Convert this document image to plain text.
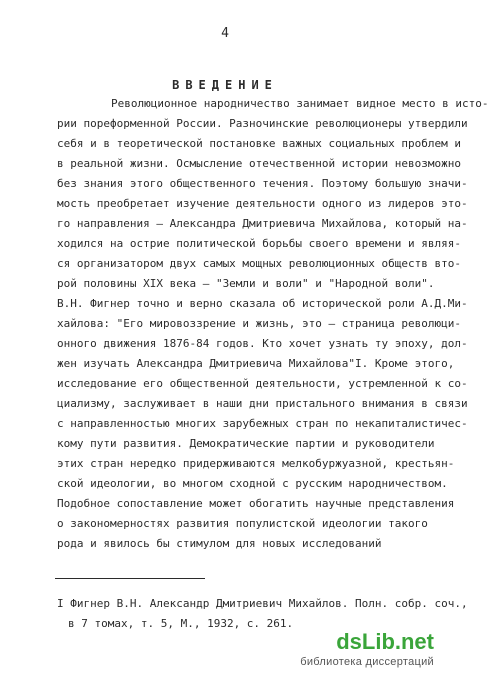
4
ВВЕДЕНИЕ
Революционное народничество занимает видное место в исто-
рии пореформенной России. Разночинские революционеры утвердили
себя и в теоретической постановке важных социальных проблем и
в реальной жизни. Осмысление отечественной истории невозможно
без знания этого общественного течения. Поэтому большую значи-
мость преобретает изучение деятельности одного из лидеров это-
го направления – Александра Дмитриевича Михайлова, который на-
ходился на острие политической борьбы своего времени и являя-
ся организатором двух самых мощных революционных обществ вто-
рой половины XIX века – "Земли и воли" и "Народной воли".
В.Н. Фигнер точно и верно сказала об исторической роли А.Д.Ми-
хайлова: "Его мировоззрение и жизнь, это – страница революци-
онного движения 1876-84 годов. Кто хочет узнать ту эпоху, дол-
жен изучать Александра Дмитриевича Михайлова"I. Кроме этого,
исследование его общественной деятельности, устремленной к со-
циализму, заслуживает в наши дни пристального внимания в связи
с направленностью многих зарубежных стран по некапиталистичес-
кому пути развития. Демократические партии и руководители
этих стран нередко придерживаются мелкобуржуазной, крестьян-
ской идеологии, во многом сходной с русским народничеством.
Подобное сопоставление может обогатить научные представления
о закономерностях развития популистской идеологии такого
рода и явилось бы стимулом для новых исследований
I Фигнер В.Н. Александр Дмитриевич Михайлов. Полн. собр. соч.,
в 7 томах, т. 5, М., 1932, с. 261.
dsLib.net
библиотека диссертаций
